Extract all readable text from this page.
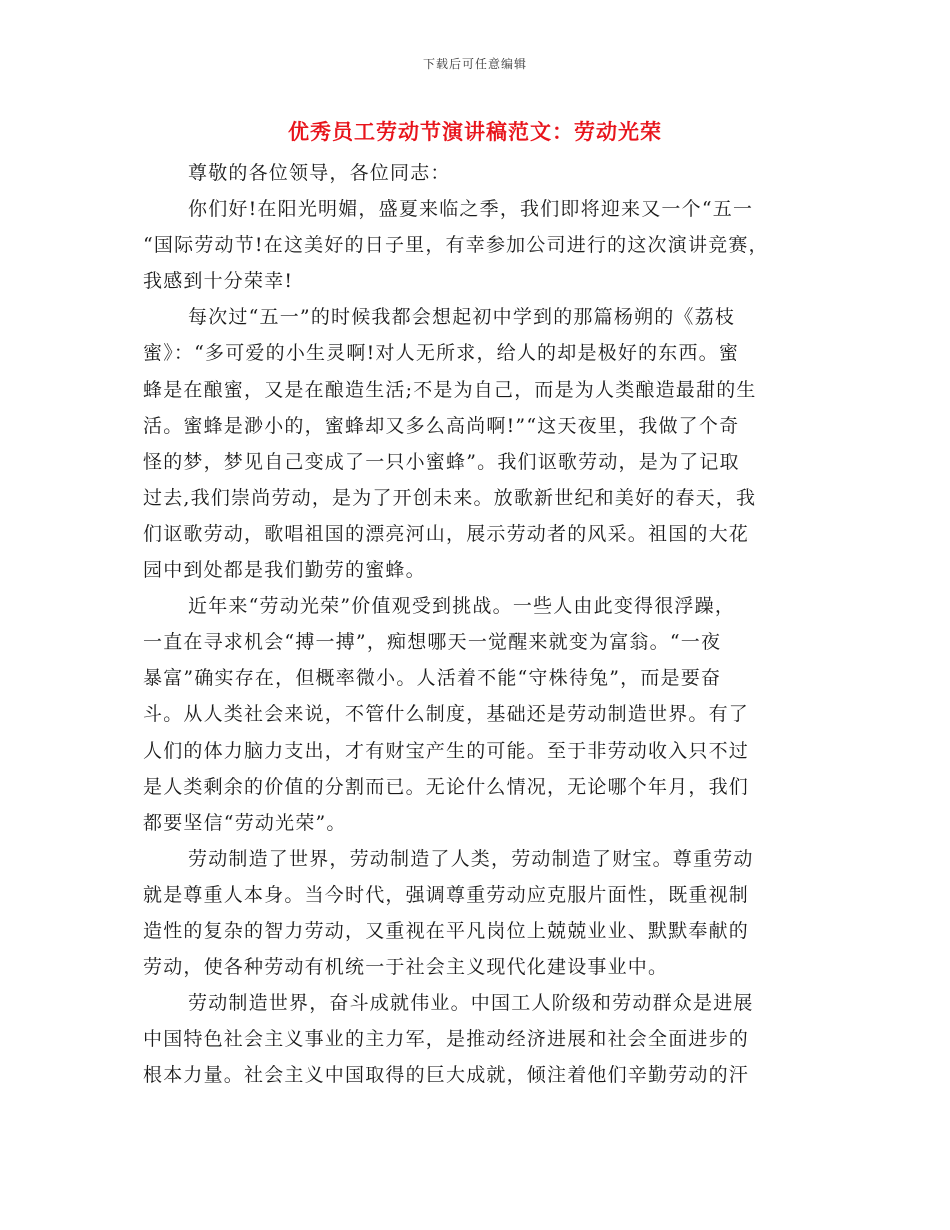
下载后可任意编辑
优秀员工劳动节演讲稿范文：劳动光荣
尊敬的各位领导，各位同志：
你们好!在阳光明媚，盛夏来临之季，我们即将迎来又一个“五一
“国际劳动节!在这美好的日子里，有幸参加公司进行的这次演讲竞赛，
我感到十分荣幸!
每次过“五一”的时候我都会想起初中学到的那篇杨朔的《荔枝
蜜》：“多可爱的小生灵啊!对人无所求，给人的却是极好的东西。蜜
蜂是在酿蜜，又是在酿造生活;不是为自己，而是为人类酿造最甜的生
活。蜜蜂是渺小的，蜜蜂却又多么高尚啊!”“这天夜里，我做了个奇
怪的梦，梦见自己变成了一只小蜜蜂”。我们讴歌劳动，是为了记取
过去,我们崇尚劳动，是为了开创未来。放歌新世纪和美好的春天，我
们讴歌劳动，歌唱祖国的漂亮河山，展示劳动者的风采。祖国的大花
园中到处都是我们勤劳的蜜蜂。
近年来“劳动光荣”价值观受到挑战。一些人由此变得很浮躁，
一直在寻求机会“搏一搏”，痴想哪天一觉醒来就变为富翁。“一夜
暴富”确实存在，但概率微小。人活着不能“守株待兔”，而是要奋
斗。从人类社会来说，不管什么制度，基础还是劳动制造世界。有了
人们的体力脑力支出，才有财宝产生的可能。至于非劳动收入只不过
是人类剩余的价值的分割而已。无论什么情况，无论哪个年月，我们
都要坚信“劳动光荣”。
劳动制造了世界，劳动制造了人类，劳动制造了财宝。尊重劳动
就是尊重人本身。当今时代，强调尊重劳动应克服片面性，既重视制
造性的复杂的智力劳动，又重视在平凡岗位上兢兢业业、默默奉献的
劳动，使各种劳动有机统一于社会主义现代化建设事业中。
劳动制造世界，奋斗成就伟业。中国工人阶级和劳动群众是进展
中国特色社会主义事业的主力军，是推动经济进展和社会全面进步的
根本力量。社会主义中国取得的巨大成就，倾注着他们辛勤劳动的汗
